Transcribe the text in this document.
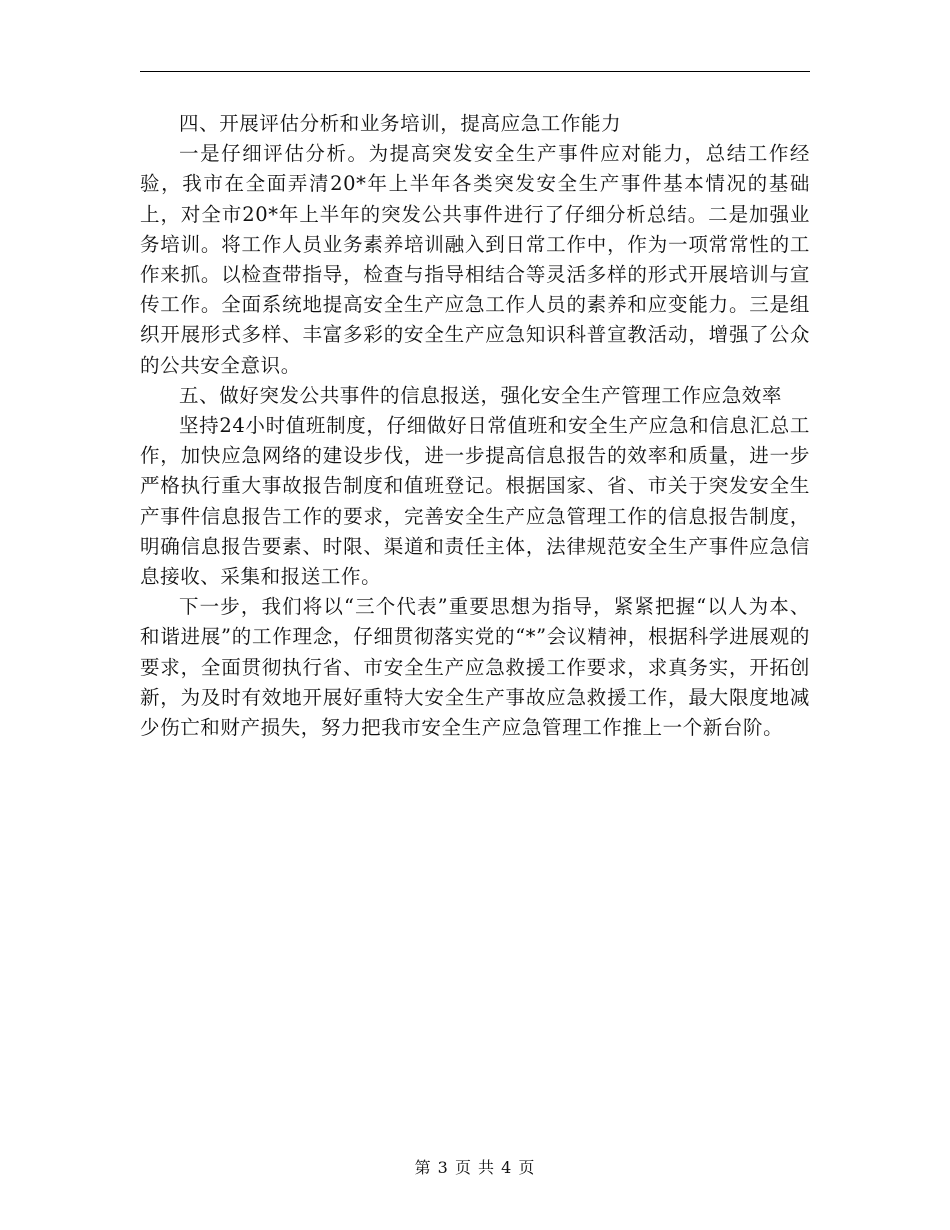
四、开展评估分析和业务培训，提高应急工作能力

一是仔细评估分析。为提高突发安全生产事件应对能力，总结工作经验，我市在全面弄清20*年上半年各类突发安全生产事件基本情况的基础上，对全市20*年上半年的突发公共事件进行了仔细分析总结。二是加强业务培训。将工作人员业务素养培训融入到日常工作中，作为一项常常性的工作来抓。以检查带指导，检查与指导相结合等灵活多样的形式开展培训与宣传工作。全面系统地提高安全生产应急工作人员的素养和应变能力。三是组织开展形式多样、丰富多彩的安全生产应急知识科普宣教活动，增强了公众的公共安全意识。

五、做好突发公共事件的信息报送，强化安全生产管理工作应急效率

坚持24小时值班制度，仔细做好日常值班和安全生产应急和信息汇总工作，加快应急网络的建设步伐，进一步提高信息报告的效率和质量，进一步严格执行重大事故报告制度和值班登记。根据国家、省、市关于突发安全生产事件信息报告工作的要求，完善安全生产应急管理工作的信息报告制度，明确信息报告要素、时限、渠道和责任主体，法律规范安全生产事件应急信息接收、采集和报送工作。

下一步，我们将以“三个代表”重要思想为指导，紧紧把握“以人为本、和谐进展”的工作理念，仔细贯彻落实党的“*”会议精神，根据科学进展观的要求，全面贯彻执行省、市安全生产应急救援工作要求，求真务实，开拓创新，为及时有效地开展好重特大安全生产事故应急救援工作，最大限度地减少伤亡和财产损失，努力把我市安全生产应急管理工作推上一个新台阶。

第 3 页 共 4 页
